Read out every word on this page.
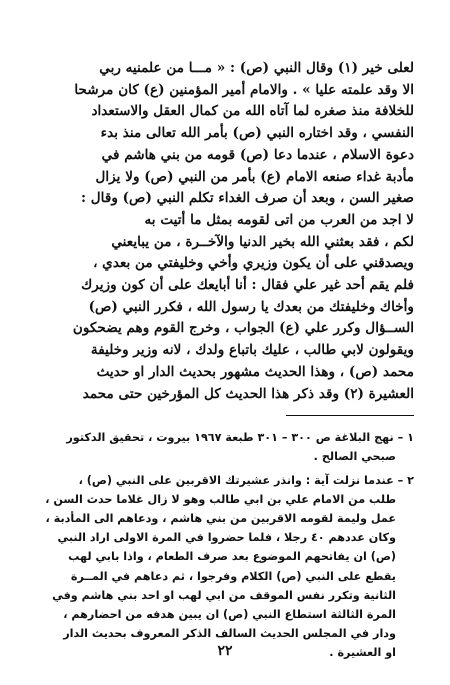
لعلى خير (١) وقال النبي (ص) : « مـــا من علمنيه ربي
الا وقد علمته عليا » . والامام أمير المؤمنين (ع) كان مرشحا
للخلافة منذ صغره لما آتاه الله من كمال العقل والاستعداد
النفسي ، وقد اختاره النبي (ص) بأمر الله تعالى منذ بدء
دعوة الاسلام ، عندما دعا (ص) قومه من بني هاشم في
مأدبة غداء صنعه الامام (ع) بأمر من النبي (ص) ولا يزال
صغير السن ، وبعد أن صرف الغداء تكلم النبي (ص) وقال :
لا اجد من العرب من اتى لقومه بمثل ما أتيت به
لكم ، فقد بعثني الله بخير الدنيا والآخــرة ، من يبايعني
ويصدقني على أن يكون وزيري وأخي وخليفتي من بعدي ،
فلم يقم أحد غير علي فقال : أنا أبايعك على أن كون وزيرك
وأخاك وخليفتك من بعدك يا رسول الله ، فكرر النبي (ص)
الســؤال وكرر علي (ع) الجواب ، وخرج القوم وهم يضحكون
ويقولون لابي طالب ، عليك باتباع ولدك ، لانه وزير وخليفة
محمد (ص) ، وهذا الحديث مشهور بحديث الدار او حديث
العشيرة (٢) وقد ذكر هذا الحديث كل المؤرخين حتى محمد
١ – نهج البلاغة ص ٣٠٠ – ٣٠١ طبعة ١٩٦٧ بيروت ، تحقيق الدكتور
صبحي الصالح .
٢ – عندما نزلت آية : وانذر عشيرتك الاقربين على النبي (ص) ،
طلب من الامام علي بن ابي طالب وهو لا زال غلاما حدث السن ،
عمل وليمة لقومه الاقربين من بني هاشم ، ودعاهم الى المأدبة ،
وكان عددهم ٤٠ رجلا ، فلما حضروا في المرة الاولى اراد النبي
(ص) ان يفاتحهم الموضوع بعد صرف الطعام ، واذا بابي لهب
يقطع على النبي (ص) الكلام وفرجوا ، ثم دعاهم في المــرة
الثانية وتكرر نفس الموقف من ابي لهب او احد بني هاشم وفي
المرة الثالثة استطاع النبي (ص) ان يبين هدفه من احضارهم ،
ودار في المجلس الحديث السالف الذكر المعروف بحديث الدار
او العشيرة .
٢٢
